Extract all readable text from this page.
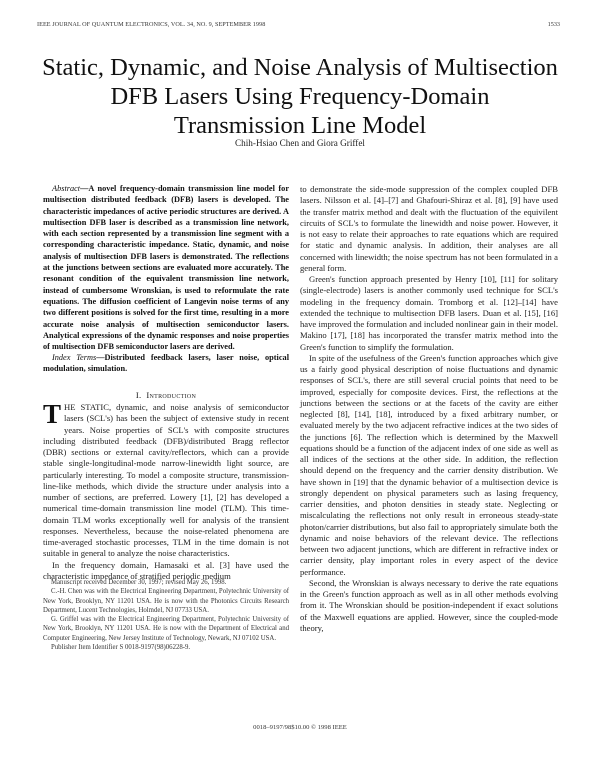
IEEE JOURNAL OF QUANTUM ELECTRONICS, VOL. 34, NO. 9, SEPTEMBER 1998	1533
Static, Dynamic, and Noise Analysis of Multisection
DFB Lasers Using Frequency-Domain
Transmission Line Model
Chih-Hsiao Chen and Giora Griffel

Abstract—A novel frequency-domain transmission line model for multisection distributed feedback (DFB) lasers is developed. The characteristic impedances of active periodic structures are derived. A multisection DFB laser is described as a transmission line network, with each section represented by a transmission line segment with a corresponding characteristic impedance. Static, dynamic, and noise analysis of multisection DFB lasers is demonstrated. The reflections at the junctions between sections are evaluated more accurately. The resonant condition of the equivalent transmission line network, instead of cumbersome Wronskian, is used to reformulate the rate equations. The diffusion coefficient of Langevin noise terms of any two different positions is solved for the first time, resulting in a more accurate noise analysis of multisection semiconductor lasers. Analytical expressions of the dynamic responses and noise properties of multisection DFB semiconductor lasers are derived.

Index Terms—Distributed feedback lasers, laser noise, optical modulation, simulation.

I. Introduction

THE STATIC, dynamic, and noise analysis of semiconductor lasers (SCL's) has been the subject of extensive study in recent years. Noise properties of SCL's with composite structures including distributed feedback (DFB)/distributed Bragg reflector (DBR) sections or external cavity/reflectors, which can a provide stable single-longitudinal-mode narrow-linewidth light source, are particularly interesting. To model a composite structure, transmission-line-like methods, which divide the structure under analysis into a number of sections, are preferred. Lowery [1], [2] has developed a numerical time-domain transmission line model (TLM). This time-domain TLM works exceptionally well for analysis of the transient responses. Nevertheless, because the noise-related phenomena are time-averaged stochastic processes, TLM in the time domain is not suitable in general to analyze the noise characteristics.

In the frequency domain, Hamasaki et al. [3] have used the characteristic impedance of stratified periodic medium

Manuscript received December 30, 1997; revised May 26, 1998.

C.-H. Chen was with the Electrical Engineering Department, Polytechnic University of New York, Brooklyn, NY 11201 USA. He is now with the Photonics Circuits Research Department, Lucent Technologies, Holmdel, NJ 07733 USA.

G. Griffel was with the Electrical Engineering Department, Polytechnic University of New York, Brooklyn, NY 11201 USA. He is now with the Department of Electrical and Computer Engineering, New Jersey Institute of Technology, Newark, NJ 07102 USA.

Publisher Item Identifier S 0018-9197(98)06228-9.

to demonstrate the side-mode suppression of the complex coupled DFB lasers. Nilsson et al. [4]–[7] and Ghafouri-Shiraz et al. [8], [9] have used the transfer matrix method and dealt with the fluctuation of the equivilent circuits of SCL's to formulate the linewidth and noise power. However, it is not easy to relate their approaches to rate equations which are required for static and dynamic analysis. In addition, their analyses are all concerned with linewidth; the noise spectrum has not been formulated in a general form.

Green's function approach presented by Henry [10], [11] for solitary (single-electrode) lasers is another commonly used technique for SCL's modeling in the frequency domain. Tromborg et al. [12]–[14] have extended the technique to multisection DFB lasers. Duan et al. [15], [16] have improved the formulation and included nonlinear gain in their model. Makino [17], [18] has incorporated the transfer matrix method into the Green's function to simplify the formulation.

In spite of the usefulness of the Green's function approaches which give us a fairly good physical description of noise fluctuations and dynamic responses of SCL's, there are still several crucial points that need to be improved, especially for composite devices. First, the reflections at the junctions between the sections or at the facets of the cavity are either neglected [8], [14], [18], introduced by a fixed arbitrary number, or evaluated merely by the two adjacent refractive indices at the two sides of the junctions [6]. The reflection which is determined by the Maxwell equations should be a function of the adjacent index of one side as well as all indices of the sections at the other side. In addition, the reflection should depend on the frequency and the carrier density distribution. We have shown in [19] that the dynamic behavior of a multisection device is strongly dependent on physical parameters such as lasing frequency, carrier densities, and photon densities in steady state. Neglecting or miscalculating the reflections not only result in erroneous steady-state photon/carrier distributions, but also fail to appropriately simulate both the dynamic and noise behaviors of the relevant device. The reflections between two adjacent junctions, which are different in refractive index or carrier density, play important roles in every aspect of the device performance.

Second, the Wronskian is always necessary to derive the rate equations in the Green's function approach as well as in all other methods evolving from it. The Wronskian should be position-independent if exact solutions of the Maxwell equations are applied. However, since the coupled-mode theory,

0018–9197/98$10.00 © 1998 IEEE
